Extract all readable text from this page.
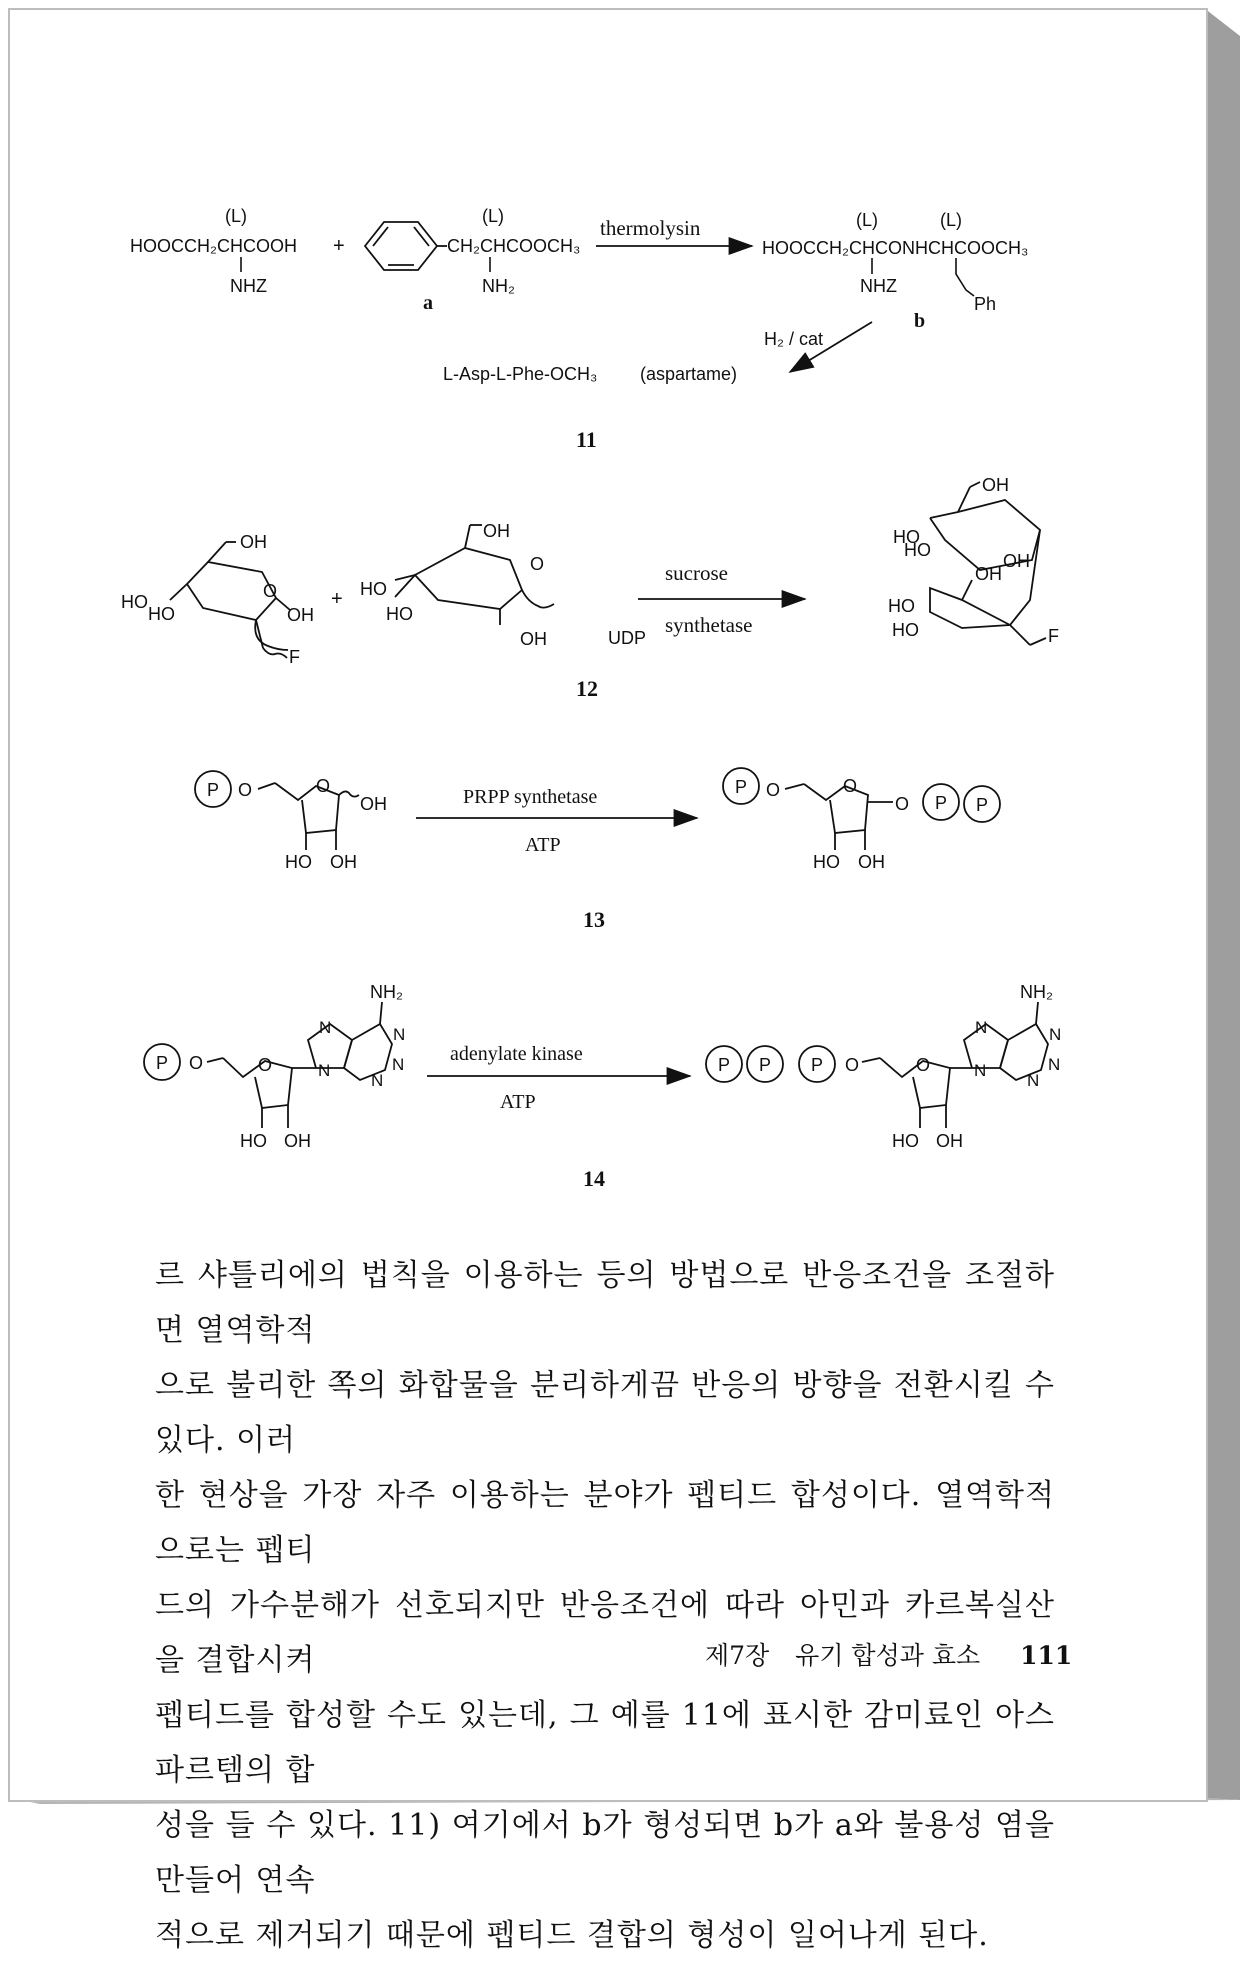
(L)
HOOCCH₂CHCOOH
NHZ
+
(L)
CH₂CHCOOCH₃
NH₂
a
thermolysin	(L)	(L)
HOOCCH₂CHCONHCHCOOCH₃
NHZ
Ph
b
H₂ / cat
L-Asp-L-Phe-OCH₃ (aspartame)
11
OH
HO
HO
O
OH
F
+
OH
HO
HO
O
OH	UDP
sucrose
synthetase
OH
HO
HO
OH
OH
HO
HO	F
12
P O	O
OH
HO OH
PRPP synthetase
ATP
P O	O
O P P
HO OH
13
NH₂
N	N
N
N
N
P O	O
HO OH
adenylate kinase
ATP
P P P O	O
NH₂
N	N
N
N
N
HO OH
14

르 샤틀리에의 법칙을 이용하는 등의 방법으로 반응조건을 조절하면 열역학적

으로 불리한 쪽의 화합물을 분리하게끔 반응의 방향을 전환시킬 수 있다. 이러

한 현상을 가장 자주 이용하는 분야가 펩티드 합성이다. 열역학적으로는 펩티

드의 가수분해가 선호되지만 반응조건에 따라 아민과 카르복실산을 결합시켜

펩티드를 합성할 수도 있는데, 그 예를 11에 표시한 감미료인 아스파르템의 합

성을 들 수 있다. 11) 여기에서 b가 형성되면 b가 a와 불용성 염을 만들어 연속

적으로 제거되기 때문에 펩티드 결합의 형성이 일어나게 된다.

제7장 유기 합성과 효소 111
